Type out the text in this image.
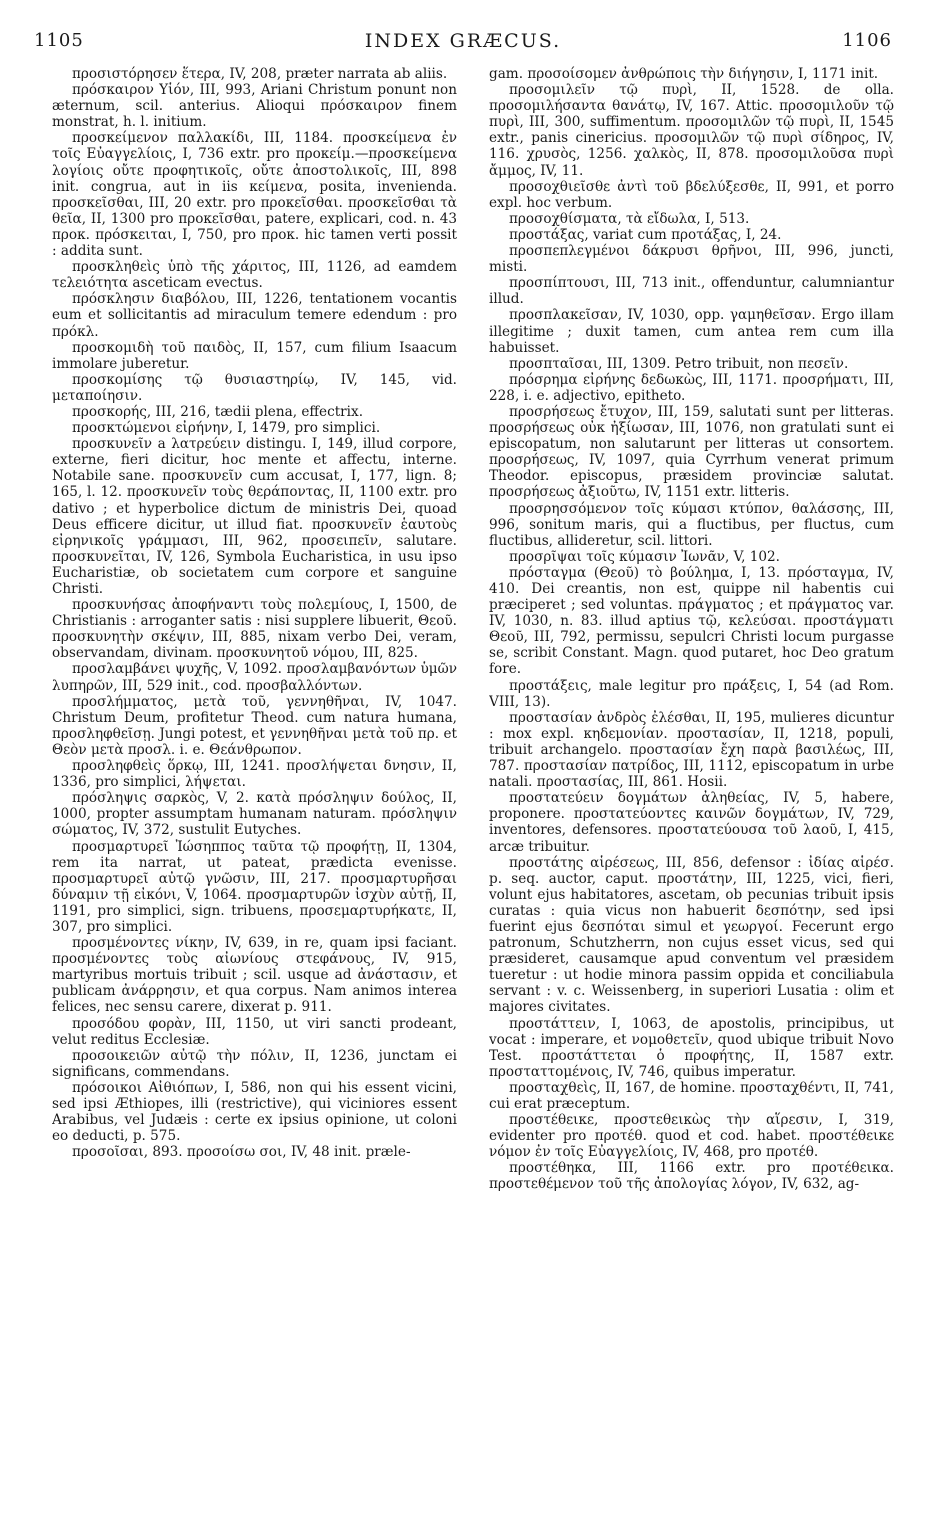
1105	INDEX GRÆCUS.	1106

προσιστόρησεν ἕτερα, IV, 208, præter narrata ab aliis.

πρόσκαιρον Υἱόν, III, 993, Ariani Christum ponunt non æternum, scil. anterius. Alioqui πρόσκαιρον finem monstrat, h. l. initium.

προσκείμενον παλλακίδι, III, 1184. προσκείμενα ἐν τοῖς Εὐαγγελίοις, I, 736 extr. pro προκείμ.—προσκείμενα λογίοις οὔτε προφητικοῖς, οὔτε ἀποστολικοῖς, III, 898 init. congrua, aut in iis κείμενα, posita, invenienda. προσκεῖσθαι, III, 20 extr. pro προκεῖσθαι. προσκεῖσθαι τὰ θεῖα, II, 1300 pro προκεῖσθαι, patere, explicari, cod. n. 43 προκ. πρόσκειται, I, 750, pro προκ. hic tamen verti possit : addita sunt.

προσκληθεὶς ὑπὸ τῆς χάριτος, III, 1126, ad eamdem τελειότητα asceticam evectus.

πρόσκλησιν διαβόλου, III, 1226, tentationem vocantis eum et sollicitantis ad miraculum temere edendum : pro πρόκλ.

προσκομιδὴ τοῦ παιδὸς, II, 157, cum filium Isaacum immolare juberetur.

προσκομίσης τῷ θυσιαστηρίῳ, IV, 145, vid. μεταποίησιν.

προσκορής, III, 216, tædii plena, effectrix.

προσκτώμενοι εἰρήνην, I, 1479, pro simplici.

προσκυνεῖν a λατρεύειν distingu. I, 149, illud corpore, externe, fieri dicitur, hoc mente et affectu, interne. Notabile sane. προσκυνεῖν cum accusat, I, 177, lign. 8; 165, l. 12. προσκυνεῖν τοὺς θεράποντας, II, 1100 extr. pro dativo ; et hyperbolice dictum de ministris Dei, quoad Deus efficere dicitur, ut illud fiat. προσκυνεῖν ἑαυτοὺς εἰρηνικοῖς γράμμασι, III, 962, προσειπεῖν, salutare. προσκυνεῖται, IV, 126, Symbola Eucharistica, in usu ipso Eucharistiæ, ob societatem cum corpore et sanguine Christi.

προσκυνήσας ἀποφήναντι τοὺς πολεμίους, I, 1500, de Christianis : arroganter satis : nisi supplere libuerit, Θεοῦ. προσκυνητὴν σκέψιν, III, 885, nixam verbo Dei, veram, observandam, divinam. προσκυνητοῦ νόμου, III, 825.

προσλαμβάνει ψυχῆς, V, 1092. προσλαμβανόντων ὑμῶν λυπηρῶν, III, 529 init., cod. προσβαλλόντων.

προσλήμματος, μετὰ τοῦ, γεννηθῆναι, IV, 1047. Christum Deum, profitetur Theod. cum natura humana, προσληφθεῖσῃ. Jungi potest, et γεννηθῆναι μετὰ τοῦ πρ. et Θεὸν μετὰ προσλ. i. e. Θεάνθρωπον.

προσληφθεὶς ὅρκῳ, III, 1241. προσλήψεται δνησιν, II, 1336, pro simplici, λήψεται.

πρόσληψις σαρκὸς, V, 2. κατὰ πρόσληψιν δούλος, II, 1000, propter assumptam humanam naturam. πρόσληψιν σώματος, IV, 372, sustulit Eutyches.

προσμαρτυρεῖ Ἰώσηππος ταῦτα τῷ προφήτῃ, II, 1304, rem ita narrat, ut pateat, prædicta evenisse. προσμαρτυρεῖ αὐτῷ γνῶσιν, III, 217. προσμαρτυρῆσαι δύναμιν τῇ εἰκόνι, V, 1064. προσμαρτυρῶν ἰσχὺν αὐτῇ, II, 1191, pro simplici, sign. tribuens, προσεμαρτυρήκατε, II, 307, pro simplici.

προσμένοντες νίκην, IV, 639, in re, quam ipsi faciant. προσμένοντες τοὺς αἰωνίους στεφάνους, IV, 915, martyribus mortuis tribuit ; scil. usque ad ἀνάστασιν, et publicam ἀνάρρησιν, et qua corpus. Nam animos interea felices, nec sensu carere, dixerat p. 911.

προσόδου φορὰν, III, 1150, ut viri sancti prodeant, velut reditus Ecclesiæ.

προσοικειῶν αὐτῷ τὴν πόλιν, II, 1236, junctam ei significans, commendans.

πρόσοικοι Αἰθιόπων, I, 586, non qui his essent vicini, sed ipsi Æthiopes, illi (restrictive), qui viciniores essent Arabibus, vel Judæis : certe ex ipsius opinione, ut coloni eo deducti, p. 575.

προσοῖσαι, 893. προσοίσω σοι, IV, 48 init. præle-

gam. προσοίσομεν ἀνθρώποις τὴν διήγησιν, I, 1171 init.

προσομιλεῖν τῷ πυρὶ, II, 1528. de olla. προσομιλήσαντα θανάτῳ, IV, 167. Attic. προσομιλοῦν τῷ πυρὶ, III, 300, suffimentum. προσομιλῶν τῷ πυρὶ, II, 1545 extr., panis cinericius. προσομιλῶν τῷ πυρὶ σίδηρος, IV, 116. χρυσὸς, 1256. χαλκὸς, II, 878. προσομιλοῦσα πυρὶ ἄμμος, IV, 11.

προσοχθιεῖσθε ἀντὶ τοῦ βδελύξεσθε, II, 991, et porro expl. hoc verbum.

προσοχθίσματα, τὰ εἴδωλα, I, 513.

προστάξας, variat cum προτάξας, I, 24.

προσπεπλεγμένοι δάκρυσι θρῆνοι, III, 996, juncti, misti.

προσπίπτουσι, III, 713 init., offenduntur, calumniantur illud.

προσπλακεῖσαν, IV, 1030, opp. γαμηθεῖσαν. Ergo illam illegitime ; duxit tamen, cum antea rem cum illa habuisset.

προσπταῖσαι, III, 1309. Petro tribuit, non πεσεῖν.

πρόσρημα εἰρήνης δεδωκὼς, III, 1171. προσρήματι, III, 228, i. e. adjectivo, epitheto.

προσρήσεως ἔτυχον, III, 159, salutati sunt per litteras. προσρήσεως οὐκ ἠξίωσαν, III, 1076, non gratulati sunt ei episcopatum, non salutarunt per litteras ut consortem. προσρήσεως, IV, 1097, quia Cyrrhum venerat primum Theodor. episcopus, præsidem provinciæ salutat. προσρήσεως ἀξιοῦτω, IV, 1151 extr. litteris.

προσρησσόμενον τοῖς κύμασι κτύπον, θαλάσσης, III, 996, sonitum maris, qui a fluctibus, per fluctus, cum fluctibus, allideretur, scil. littori.

προσρῖψαι τοῖς κύμασιν Ἰωνᾶν, V, 102.

πρόσταγμα (Θεοῦ) τὸ βούλημα, I, 13. πρόσταγμα, IV, 410. Dei creantis, non est, quippe nil habentis cui præciperet ; sed voluntas. πράγματος ; et πράγματος var. IV, 1030, n. 83. illud aptius τῷ, κελεύσαι. προστάγματι Θεοῦ, III, 792, permissu, sepulcri Christi locum purgasse se, scribit Constant. Magn. quod putaret, hoc Deo gratum fore.

προστάξεις, male legitur pro πράξεις, I, 54 (ad Rom. VIII, 13).

προστασίαν ἀνδρὸς ἐλέσθαι, II, 195, mulieres dicuntur : mox expl. κηδεμονίαν. προστασίαν, II, 1218, populi, tribuit archangelo. προστασίαν ἔχη παρὰ βασιλέως, III, 787. προστασίαν πατρίδος, III, 1112, episcopatum in urbe natali. προστασίας, III, 861. Hosii.

προστατεύειν δογμάτων ἀληθείας, IV, 5, habere, proponere. προστατεύοντες καινῶν δογμάτων, IV, 729, inventores, defensores. προστατεύουσα τοῦ λαοῦ, I, 415, arcæ tribuitur.

προστάτης αἱρέσεως, III, 856, defensor : ἰδίας αἱρέσ. p. seq. auctor, caput. προστάτην, III, 1225, vici, fieri, volunt ejus habitatores, ascetam, ob pecunias tribuit ipsis curatas : quia vicus non habuerit δεσπότην, sed ipsi fuerint ejus δεσπόται simul et γεωργοί. Fecerunt ergo patronum, Schutzherrn, non cujus esset vicus, sed qui præsideret, causamque apud conventum vel præsidem tueretur : ut hodie minora passim oppida et conciliabula servant : v. c. Weissenberg, in superiori Lusatia : olim et majores civitates.

προστάττειν, I, 1063, de apostolis, principibus, ut vocat : imperare, et νομοθετεῖν, quod ubique tribuit Novo Test. προστάττεται ὁ προφήτης, II, 1587 extr. προσταττομένοις, IV, 746, quibus imperatur.

προσταχθεὶς, II, 167, de homine. προσταχθέντι, II, 741, cui erat præceptum.

προστέθεικε, προστεθεικὼς τὴν αἵρεσιν, I, 319, evidenter pro προτέθ. quod et cod. habet. προστέθεικε νόμον ἐν τοῖς Εὐαγγελίοις, IV, 468, pro προτέθ.

προστέθηκα, III, 1166 extr. pro προτέθεικα. προστεθέμενον τοῦ τῆς ἀπολογίας λόγον, IV, 632, ag-
